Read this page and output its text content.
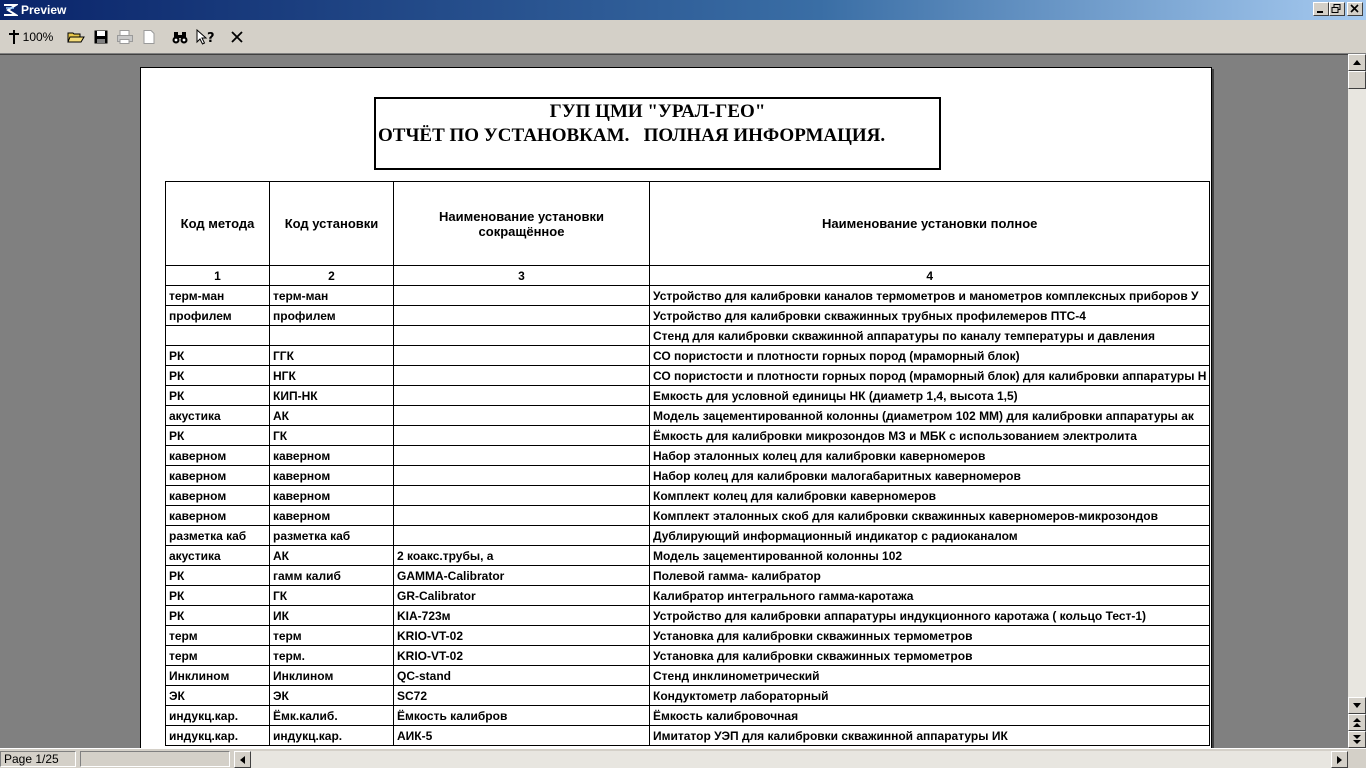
Preview
100%	?
ГУП ЦМИ "УРАЛ-ГЕО"
ОТЧЁТ ПО УСТАНОВКАМ.   ПОЛНАЯ ИНФОРМАЦИЯ.
Код метода	Код установки	Наименование установки сокращённое	Наименование установки полное
1	2	3	4
терм-ман	терм-ман		Устройство для калибровки каналов термометров и манометров комплексных приборов У
профилем	профилем		Устройство для калибровки скважинных трубных профилемеров ПТС-4
			Стенд для калибровки скважинной аппаратуры по каналу температуры и давления
РК	ГГК		СО пористости и плотности горных пород (мраморный блок)
РК	НГК		СО пористости и плотности горных пород (мраморный блок) для калибровки аппаратуры Н
РК	КИП-НК		Емкость для условной единицы НК (диаметр 1,4, высота 1,5)
акустика	АК		Модель зацементированной колонны (диаметром 102 ММ) для калибровки аппаратуры ак
РК	ГК		Ёмкость для калибровки микрозондов МЗ и МБК с использованием электролита
каверном	каверном		Набор эталонных колец для калибровки каверномеров
каверном	каверном		Набор колец для калибровки малогабаритных каверномеров
каверном	каверном		Комплект колец для калибровки каверномеров
каверном	каверном		Комплект эталонных скоб для калибровки скважинных каверномеров-микрозондов
разметка каб	разметка каб		Дублирующий информационный индикатор с радиоканалом
акустика	АК	2 коакс.трубы, а	Модель зацементированной колонны 102
РК	гамм калиб	GAMMA-Calibrator	Полевой гамма- калибратор
РК	ГК	GR-Calibrator	Калибратор интегрального гамма-каротажа
РК	ИК	KIA-723м	Устройство для калибровки аппаратуры индукционного каротажа ( кольцо Тест-1)
терм	терм	KRIO-VT-02	Установка для калибровки скважинных термометров
терм	терм.	KRIO-VT-02	Установка для калибровки скважинных термометров
Инклином	Инклином	QC-stand	Стенд инклинометрический
ЭК	ЭК	SC72	Кондуктометр лабораторный
индукц.кар.	Ёмк.калиб.	Ёмкость калибров	Ёмкость калибровочная
индукц.кар.	индукц.кар.	АИК-5	Имитатор УЭП для калибровки скважинной аппаратуры ИК
Page 1/25
